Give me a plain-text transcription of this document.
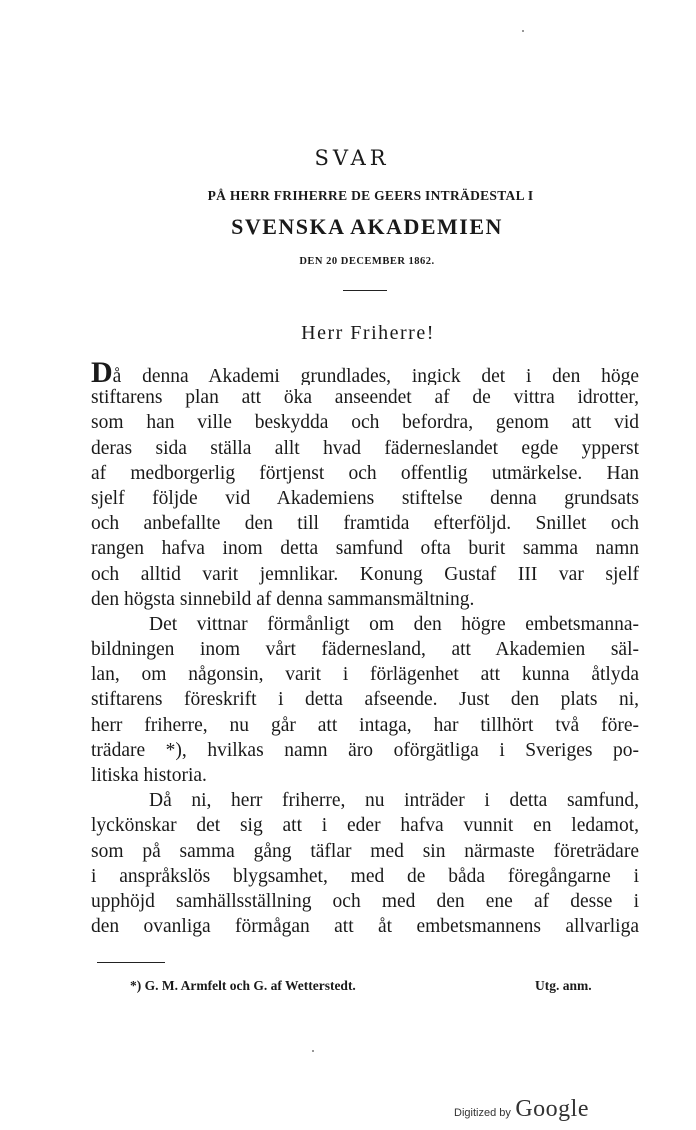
SVAR
PÅ HERR FRIHERRE DE GEERS INTRÄDESTAL I
SVENSKA AKADEMIEN
DEN 20 DECEMBER 1862.
Herr Friherre!
Då denna Akademi grundlades, ingick det i den höge
stiftarens plan att öka anseendet af de vittra idrotter,
som han ville beskydda och befordra, genom att vid
deras sida ställa allt hvad fäderneslandet egde ypperst
af medborgerlig förtjenst och offentlig utmärkelse. Han
sjelf följde vid Akademiens stiftelse denna grundsats
och anbefallte den till framtida efterföljd. Snillet och
rangen hafva inom detta samfund ofta burit samma namn
och alltid varit jemnlikar. Konung Gustaf III var sjelf
den högsta sinnebild af denna sammansmältning.
Det vittnar förmånligt om den högre embetsmanna-
bildningen inom vårt fädernesland, att Akademien säl-
lan, om någonsin, varit i förlägenhet att kunna åtlyda
stiftarens föreskrift i detta afseende. Just den plats ni,
herr friherre, nu går att intaga, har tillhört två före-
trädare *), hvilkas namn äro oförgätliga i Sveriges po-
litiska historia.
Då ni, herr friherre, nu inträder i detta samfund,
lyckönskar det sig att i eder hafva vunnit en ledamot,
som på samma gång täflar med sin närmaste företrädare
i anspråkslös blygsamhet, med de båda föregångarne i
upphöjd samhällsställning och med den ene af desse i
den ovanliga förmågan att åt embetsmannens allvarliga
*) G. M. Armfelt och G. af Wetterstedt.	Utg. anm.
Digitized by Google
